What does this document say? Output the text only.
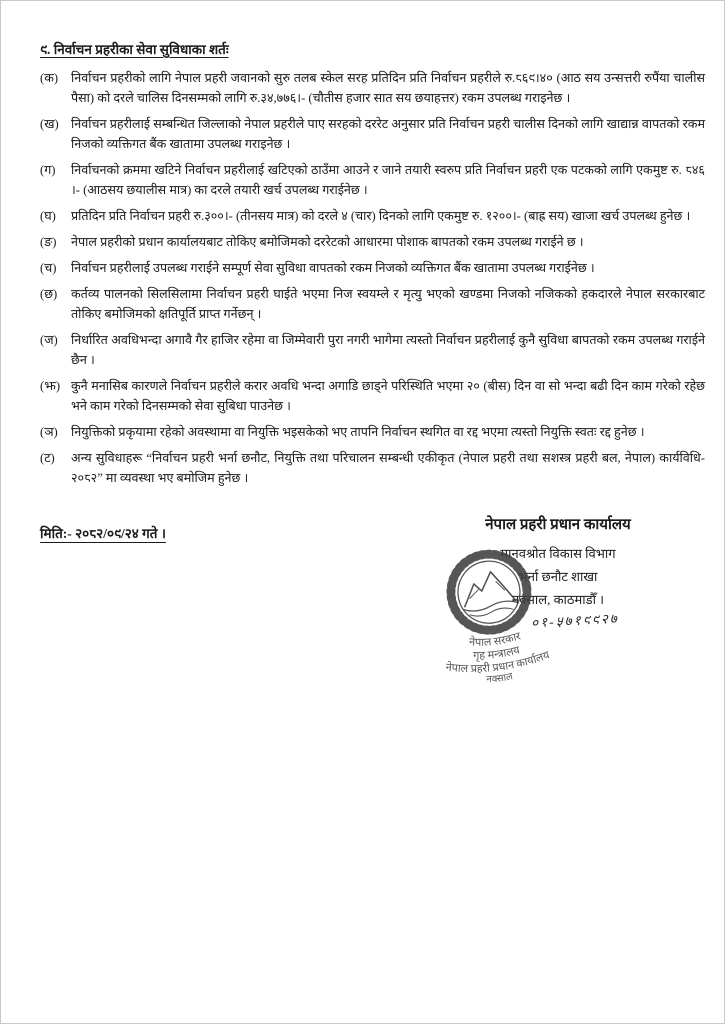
९. निर्वाचन प्रहरीका सेवा सुविधाका शर्तः
(क)	निर्वाचन प्रहरीको लागि नेपाल प्रहरी जवानको सुरु तलब स्केल सरह प्रतिदिन प्रति निर्वाचन प्रहरीले रु.८६९।४० (आठ सय उन्सत्तरी रुपैंया चालीस पैसा) को दरले चालिस दिनसम्मको लागि रु.३४,७७६।- (चौतीस हजार सात सय छयाहत्तर) रकम उपलब्ध गराइनेछ ।
(ख) निर्वाचन प्रहरीलाई सम्बन्धित जिल्लाको नेपाल प्रहरीले पाए सरहको दररेट अनुसार प्रति निर्वाचन प्रहरी चालीस दिनको लागि खाद्यान्न वापतको रकम निजको व्यक्तिगत बैंक खातामा उपलब्ध गराइनेछ ।
(ग)	निर्वाचनको क्रममा खटिने निर्वाचन प्रहरीलाई खटिएको ठाउँमा आउने र जाने तयारी स्वरुप प्रति निर्वाचन प्रहरी एक पटकको लागि एकमुष्ट रु. ८४६ ।- (आठसय छयालीस मात्र) का दरले तयारी खर्च उपलब्ध गराईनेछ ।
(घ)	प्रतिदिन प्रति निर्वाचन प्रहरी रु.३००।- (तीनसय मात्र) को दरले ४ (चार) दिनको लागि एकमुष्ट रु. १२००।- (बाह्र सय) खाजा खर्च उपलब्ध हुनेछ ।
(ङ)	नेपाल प्रहरीको प्रधान कार्यालयबाट तोकिए बमोजिमको दररेटको आधारमा पोशाक बापतको रकम उपलब्ध गराईने छ ।
(च)	निर्वाचन प्रहरीलाई उपलब्ध गराईने सम्पूर्ण सेवा सुविधा वापतको रकम निजको व्यक्तिगत बैंक खातामा उपलब्ध गराईनेछ ।
(छ)	कर्तव्य पालनको सिलसिलामा निर्वाचन प्रहरी घाईते भएमा निज स्वयम्ले र मृत्यु भएको खण्डमा निजको नजिकको हकदारले नेपाल सरकारबाट तोकिए बमोजिमको क्षतिपूर्ति प्राप्त गर्नेछन् ।
(ज)	निर्धारित अवधिभन्दा अगावै गैर हाजिर रहेमा वा जिम्मेवारी पुरा नगरी भागेमा त्यस्तो निर्वाचन प्रहरीलाई कुनै सुविधा बापतको रकम उपलब्ध गराईने छैन ।
(झ) कुनै मनासिब कारणले निर्वाचन प्रहरीले करार अवधि भन्दा अगाडि छाड्ने परिस्थिति भएमा २० (बीस) दिन वा सो भन्दा बढी दिन काम गरेको रहेछ भने काम गरेको दिनसम्मको सेवा सुबिधा पाउनेछ ।
(ञ)	नियुक्तिको प्रकृयामा रहेको अवस्थामा वा नियुक्ति भइसकेको भए तापनि निर्वाचन स्थगित वा रद्द भएमा त्यस्तो नियुक्ति स्वतः रद्द हुनेछ ।
(ट)	अन्य सुविधाहरू “निर्वाचन प्रहरी भर्ना छनौट, नियुक्ति तथा परिचालन सम्बन्धी एकीकृत (नेपाल प्रहरी तथा सशस्त्र प्रहरी बल, नेपाल) कार्यविधि- २०८२” मा व्यवस्था भए बमोजिम हुनेछ ।
मिति:- २०८२/०९/२४ गते ।
नेपाल प्रहरी प्रधान कार्यालय
मानवश्रोत विकास विभाग
भर्ना छनौट शाखा
नक्साल, काठमाडौँ ।
०१-५७१९९२७
नेपाल सरकार
गृह मन्त्रालय
नेपाल प्रहरी प्रधान कार्यालय
नक्साल
